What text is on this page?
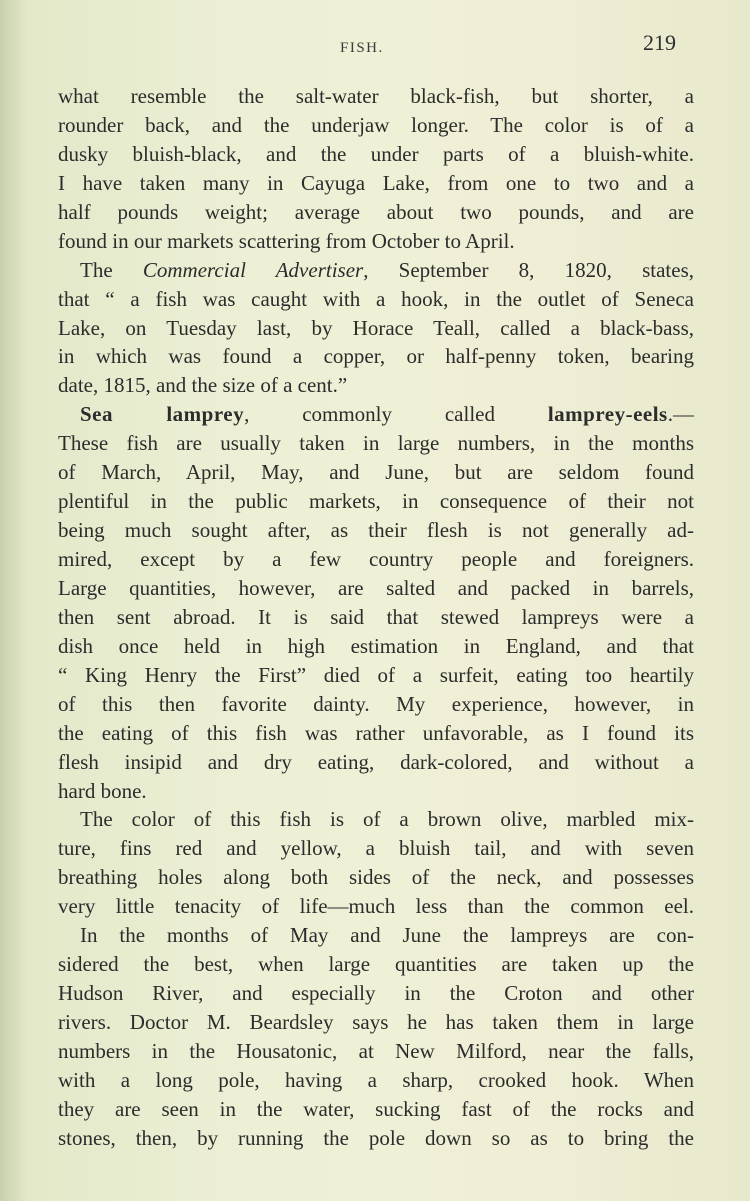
FISH.	219
what resemble the salt-water black-fish, but shorter, a
rounder back, and the underjaw longer. The color is of a
dusky bluish-black, and the under parts of a bluish-white.
I have taken many in Cayuga Lake, from one to two and a
half pounds weight; average about two pounds, and are
found in our markets scattering from October to April.
The Commercial Advertiser, September 8, 1820, states,
that “ a fish was caught with a hook, in the outlet of Seneca
Lake, on Tuesday last, by Horace Teall, called a black-bass,
in which was found a copper, or half-penny token, bearing
date, 1815, and the size of a cent.”
Sea lamprey, commonly called lamprey-eels.—
These fish are usually taken in large numbers, in the months
of March, April, May, and June, but are seldom found
plentiful in the public markets, in consequence of their not
being much sought after, as their flesh is not generally ad-
mired, except by a few country people and foreigners.
Large quantities, however, are salted and packed in barrels,
then sent abroad. It is said that stewed lampreys were a
dish once held in high estimation in England, and that
“ King Henry the First” died of a surfeit, eating too heartily
of this then favorite dainty. My experience, however, in
the eating of this fish was rather unfavorable, as I found its
flesh insipid and dry eating, dark-colored, and without a
hard bone.
The color of this fish is of a brown olive, marbled mix-
ture, fins red and yellow, a bluish tail, and with seven
breathing holes along both sides of the neck, and possesses
very little tenacity of life—much less than the common eel.
In the months of May and June the lampreys are con-
sidered the best, when large quantities are taken up the
Hudson River, and especially in the Croton and other
rivers. Doctor M. Beardsley says he has taken them in large
numbers in the Housatonic, at New Milford, near the falls,
with a long pole, having a sharp, crooked hook. When
they are seen in the water, sucking fast of the rocks and
stones, then, by running the pole down so as to bring the
